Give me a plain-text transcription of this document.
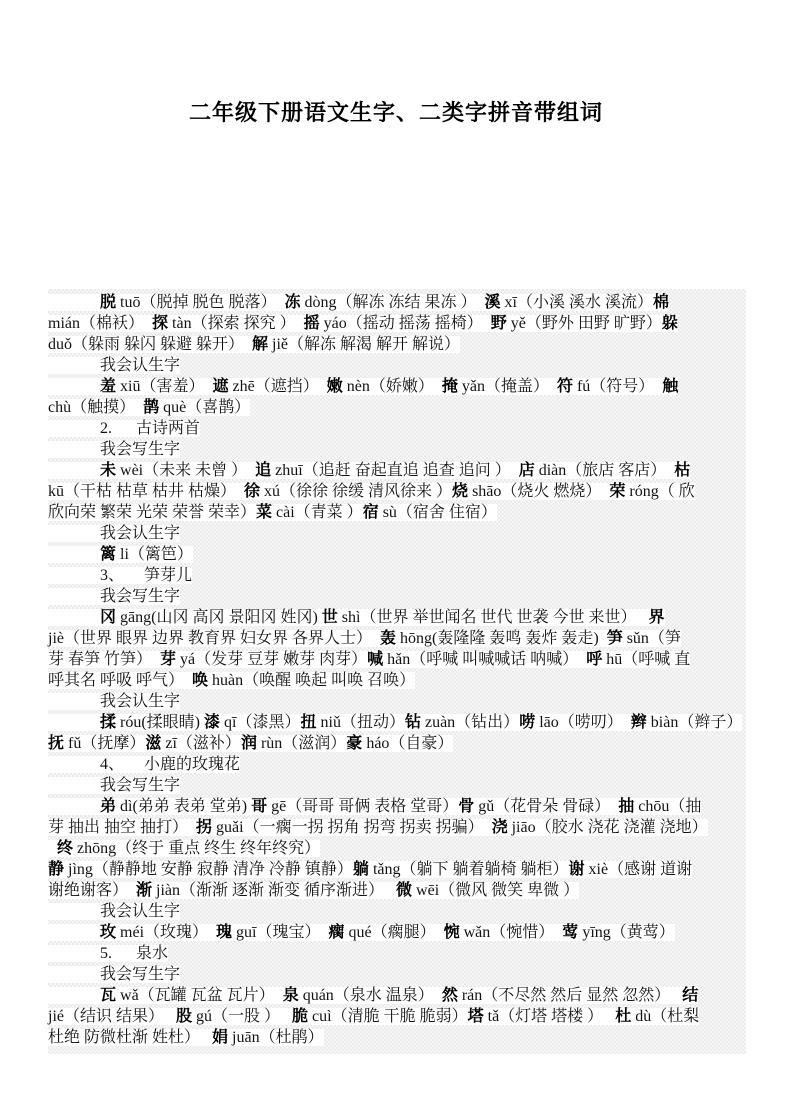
二年级下册语文生字、二类字拼音带组词
脱 tuō（脱掉 脱色 脱落）  冻 dòng（解冻 冻结 果冻 ）  溪 xī（小溪 溪水 溪流）棉
mián（棉袄）  探 tàn（探索 探究 ）  摇 yáo（摇动 摇荡 摇椅）  野 yě（野外 田野 旷野）躲
duǒ（躲雨 躲闪 躲避 躲开）  解 jiě（解冻 解渴 解开 解说）
我会认生字
羞 xiū（害羞）  遮 zhē（遮挡）  嫩 nèn（娇嫩）  掩 yǎn（掩盖）  符 fú（符号）  触
chù（触摸）  鹊 què（喜鹊）
2.      古诗两首
我会写生字
未 wèi（未来 未曾 ）  追 zhuī（追赶 奋起直追 追查 追问 ）  店 diàn（旅店 客店）  枯
kū（干枯 枯草 枯井 枯燥）  徐 xú（徐徐 徐缓 清风徐来 ）烧 shāo（烧火 燃烧）  荣 róng（ 欣
欣向荣 繁荣 光荣 荣誉 荣幸）菜 cài（青菜 ）宿 sù（宿舍 住宿）
我会认生字
篱 li（篱笆）
3、     笋芽儿
我会写生字
冈 gāng(山冈 高冈 景阳冈 姓冈) 世 shì（世界 举世闻名 世代 世袭 今世 来世）   界
jiè（世界 眼界 边界 教育界 妇女界 各界人士）  轰 hōng(轰隆隆 轰鸣 轰炸 轰走)  笋 sǔn（笋
芽 春笋 竹笋）  芽 yá（发芽 豆芽 嫩芽 肉芽）喊 hǎn（呼喊 叫喊喊话 呐喊）  呼 hū（呼喊 直
呼其名 呼吸 呼气）  唤 huàn（唤醒 唤起 叫唤 召唤）
我会认生字
揉 róu(揉眼睛) 漆 qī（漆黑）扭 niǔ（扭动）钻 zuàn（钻出）唠 lāo（唠叨）  辫 biàn（辫子）
抚 fǔ（抚摩）滋 zī（滋补）润 rùn（滋润）豪 háo（自豪）
4、     小鹿的玫瑰花
我会写生字
弟 dì(弟弟 表弟 堂弟) 哥 gē（哥哥 哥俩 表格 堂哥）骨 gǔ（花骨朵 骨碌）  抽 chōu（抽
芽 抽出 抽空 抽打）  拐 guǎi（一瘸一拐 拐角 拐弯 拐卖 拐骗）  浇 jiāo（胶水 浇花 浇灌 浇地）
终 zhōng（终于 重点 终生 终年终究）
静 jìng（静静地 安静 寂静 清净 冷静 镇静）躺 tǎng（躺下 躺着躺椅 躺柜）谢 xiè（感谢 道谢
谢绝谢客）  渐 jiàn（渐渐 逐渐 渐变 循序渐进）   微 wēi（微风 微笑 卑微 ）
我会认生字
玫 méi（玫瑰）  瑰 guī（瑰宝）  瘸 qué（瘸腿）  惋 wǎn（惋惜）  莺 yīng（黄莺）
5.      泉水
我会写生字
瓦 wǎ（瓦罐 瓦盆 瓦片）  泉 quán（泉水 温泉）  然 rán（不尽然 然后 显然 忽然）   结
jié（结识 结果）   股 gú（一股 ）   脆 cuì（清脆 干脆 脆弱）塔 tǎ（灯塔 塔楼 ）   杜 dù（杜梨
杜绝 防微杜渐 姓杜）   娟 juān（杜鹃）
